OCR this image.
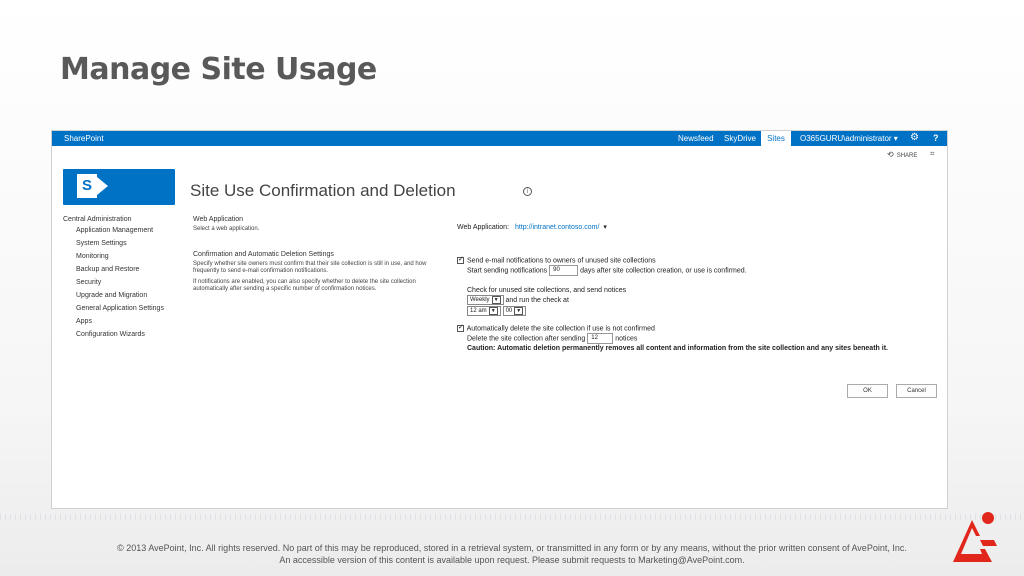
Manage Site Usage
SharePoint	Newsfeed SkyDrive	Sites	O365GURU\administrator ▾ ⚙ ?
⟲ SHARE ⌗
S	Site Use Confirmation and Deletion	i
Central Administration
Application Management
System Settings
Monitoring
Backup and Restore
Security
Upgrade and Migration
General Application Settings
Apps
Configuration Wizards
Web Application
Select a web application.
Confirmation and Automatic Deletion Settings
Specify whether site owners must confirm that their site collection is still in use, and how frequently to send e-mail confirmation notifications.
If notifications are enabled, you can also specify whether to delete the site collection automatically after sending a specific number of confirmation notices.
Web Application: http://intranet.contoso.com/ ▾
✓ Send e-mail notifications to owners of unused site collections
Start sending notifications 90	days after site collection creation, or use is confirmed.
Check for unused site collections, and send notices
Weekly ▼ and run the check at
12 am ▼ 00 ▼
✓ Automatically delete the site collection if use is not confirmed
Delete the site collection after sending 12 notices
Caution: Automatic deletion permanently removes all content and information from the site collection and any sites beneath it.
OK	Cancel
© 2013 AvePoint, Inc. All rights reserved. No part of this may be reproduced, stored in a retrieval system, or transmitted in any form or by any means, without the prior written consent of AvePoint, Inc.
An accessible version of this content is available upon request. Please submit requests to Marketing@AvePoint.com.
